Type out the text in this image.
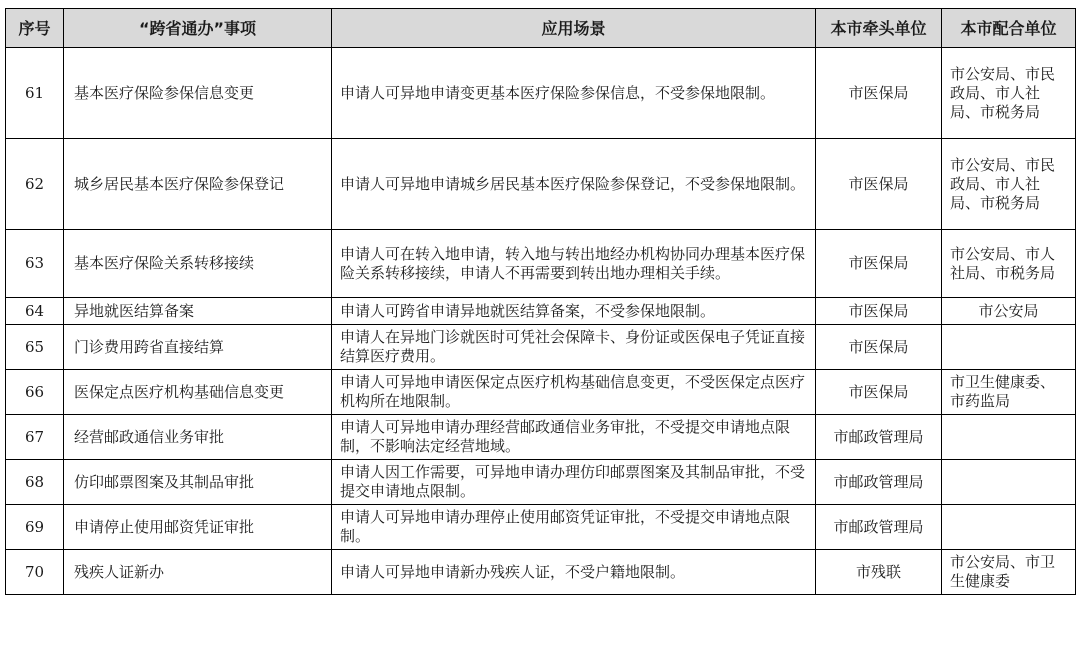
序号	“跨省通办”事项	应用场景	本市牵头单位	本市配合单位
61	基本医疗保险参保信息变更	申请人可异地申请变更基本医疗保险参保信息，不受参保地限制。	市医保局	市公安局、市民政局、市人社局、市税务局
62	城乡居民基本医疗保险参保登记	申请人可异地申请城乡居民基本医疗保险参保登记，不受参保地限制。	市医保局	市公安局、市民政局、市人社局、市税务局
63	基本医疗保险关系转移接续	申请人可在转入地申请，转入地与转出地经办机构协同办理基本医疗保险关系转移接续，申请人不再需要到转出地办理相关手续。	市医保局	市公安局、市人社局、市税务局
64	异地就医结算备案	申请人可跨省申请异地就医结算备案，不受参保地限制。	市医保局	市公安局
65	门诊费用跨省直接结算	申请人在异地门诊就医时可凭社会保障卡、身份证或医保电子凭证直接结算医疗费用。	市医保局	
66	医保定点医疗机构基础信息变更	申请人可异地申请医保定点医疗机构基础信息变更，不受医保定点医疗机构所在地限制。	市医保局	市卫生健康委、市药监局
67	经营邮政通信业务审批	申请人可异地申请办理经营邮政通信业务审批，不受提交申请地点限制，不影响法定经营地域。	市邮政管理局	
68	仿印邮票图案及其制品审批	申请人因工作需要，可异地申请办理仿印邮票图案及其制品审批，不受提交申请地点限制。	市邮政管理局	
69	申请停止使用邮资凭证审批	申请人可异地申请办理停止使用邮资凭证审批，不受提交申请地点限制。	市邮政管理局	
70	残疾人证新办	申请人可异地申请新办残疾人证，不受户籍地限制。	市残联	市公安局、市卫生健康委
